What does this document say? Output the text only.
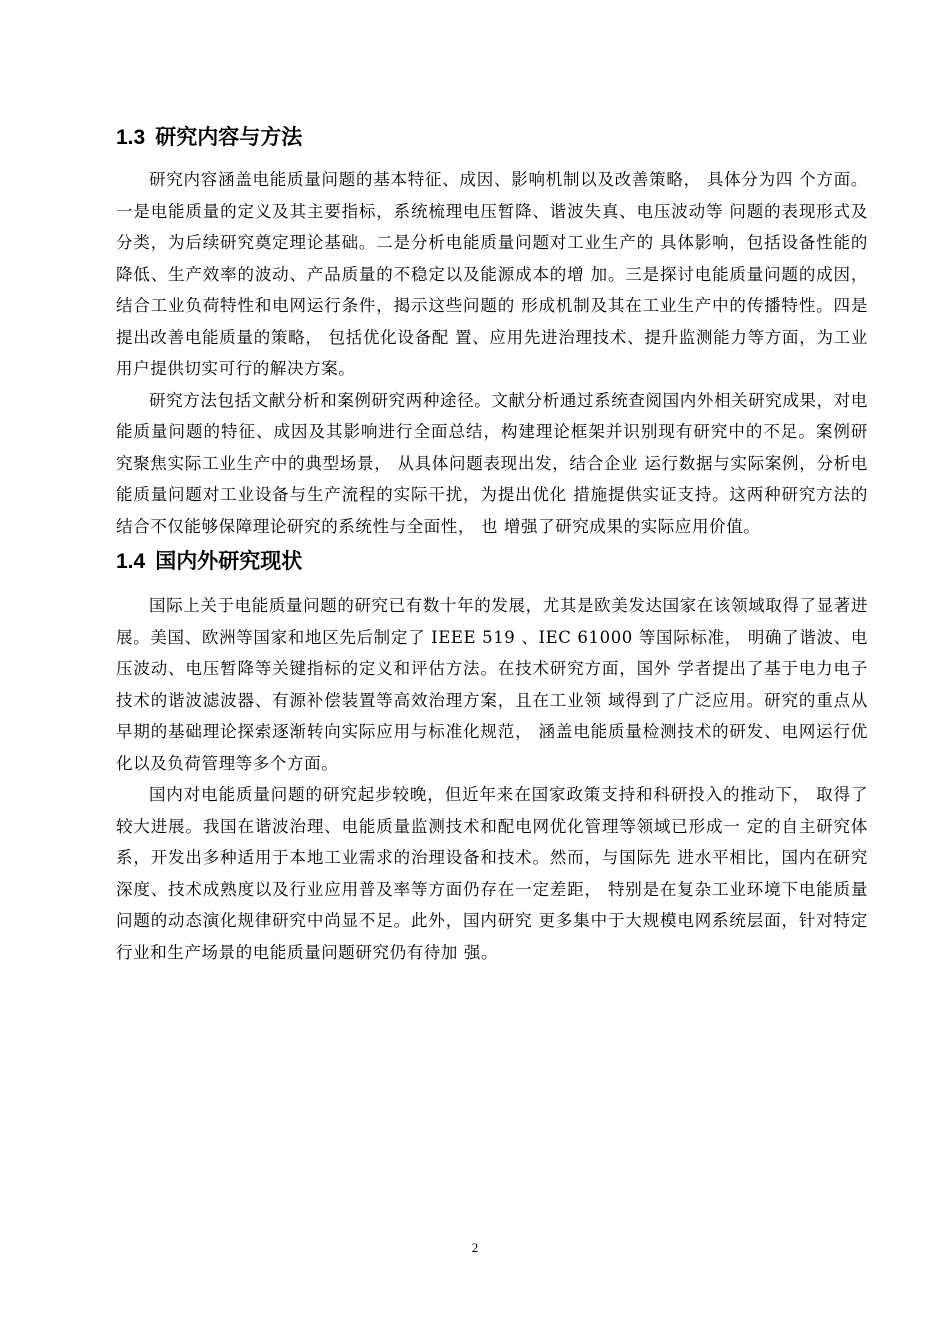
1.3 研究内容与方法

研究内容涵盖电能质量问题的基本特征、成因、影响机制以及改善策略， 具体分为四 个方面。一是电能质量的定义及其主要指标，系统梳理电压暂降、谐波失真、电压波动等 问题的表现形式及分类，为后续研究奠定理论基础。二是分析电能质量问题对工业生产的 具体影响，包括设备性能的降低、生产效率的波动、产品质量的不稳定以及能源成本的增 加。三是探讨电能质量问题的成因， 结合工业负荷特性和电网运行条件，揭示这些问题的 形成机制及其在工业生产中的传播特性。四是提出改善电能质量的策略， 包括优化设备配 置、应用先进治理技术、提升监测能力等方面，为工业用户提供切实可行的解决方案。

研究方法包括文献分析和案例研究两种途径。文献分析通过系统查阅国内外相关研究成果，对电能质量问题的特征、成因及其影响进行全面总结，构建理论框架并识别现有研究中的不足。案例研究聚焦实际工业生产中的典型场景， 从具体问题表现出发，结合企业 运行数据与实际案例，分析电能质量问题对工业设备与生产流程的实际干扰，为提出优化 措施提供实证支持。这两种研究方法的结合不仅能够保障理论研究的系统性与全面性， 也 增强了研究成果的实际应用价值。

1.4 国内外研究现状

国际上关于电能质量问题的研究已有数十年的发展，尤其是欧美发达国家在该领域取得了显著进展。美国、欧洲等国家和地区先后制定了 IEEE 519 、IEC 61000 等国际标准， 明确了谐波、电压波动、电压暂降等关键指标的定义和评估方法。在技术研究方面，国外 学者提出了基于电力电子技术的谐波滤波器、有源补偿装置等高效治理方案，且在工业领 域得到了广泛应用。研究的重点从早期的基础理论探索逐渐转向实际应用与标准化规范， 涵盖电能质量检测技术的研发、电网运行优化以及负荷管理等多个方面。

国内对电能质量问题的研究起步较晚，但近年来在国家政策支持和科研投入的推动下， 取得了较大进展。我国在谐波治理、电能质量监测技术和配电网优化管理等领域已形成一 定的自主研究体系，开发出多种适用于本地工业需求的治理设备和技术。然而，与国际先 进水平相比，国内在研究深度、技术成熟度以及行业应用普及率等方面仍存在一定差距， 特别是在复杂工业环境下电能质量问题的动态演化规律研究中尚显不足。此外，国内研究 更多集中于大规模电网系统层面，针对特定行业和生产场景的电能质量问题研究仍有待加 强。

2
